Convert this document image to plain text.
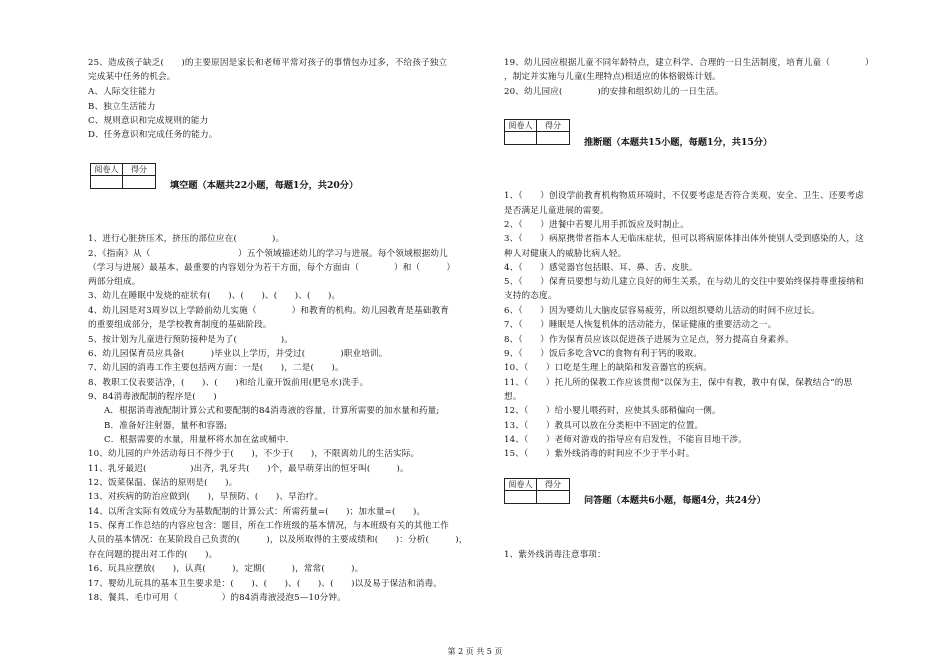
25、造成孩子缺乏(　　)的主要原因是家长和老师平常对孩子的事情包办过多，不给孩子独立
完成某中任务的机会。
A、人际交往能力
B、独立生活能力
C、规则意识和完成规则的能力
D、任务意识和完成任务的能力。
阅卷人	得分

填空题（本题共22小题，每题1分，共20分）
1、进行心脏挤压术，挤压的部位应在(　　　　)。
2、《指南》从（　　　　　　　　　　）五个领域描述幼儿的学习与进展。每个领域根据幼儿
（学习与进展）最基本、最重要的内容划分为若干方面，每个方面由（　　　　）和（　　　）
两部分组成。
3、幼儿在睡眠中发烧的症状有(　　)、(　　)、(　　)、(　　)。
4、幼儿园是对3周岁以上学龄前幼儿实施（　　　　）和教育的机构。幼儿园教育是基础教育
的重要组成部分，是学校教育制度的基础阶段。
5、按计划为儿童进行预防接种是为了(　　　　　)。
6、幼儿园保育员应具备(　　　)毕业以上学历，并受过(　　　　)职业培训。
7、幼儿园的消毒工作主要包括两方面：一是(　　)，二是(　　)。
8、教职工仪表要洁净，(　　)、(　　)和给儿童开饭前用(肥皂水)洗手。
9、84消毒液配制的程序是(　　)
A．根据消毒液配制计算公式和要配制的84消毒液的容量，计算所需要的加水量和药量;
B．准备好注射器，量杯和容器;
C．根据需要的水量，用量杯将水加在盆或桶中.
10、幼儿园的户外活动每日不得少于(　　)，不少于(　　)，不限离幼儿的生活实际。
11、乳牙最迟(　　　　　)出齐，乳牙共(　　)个，最早萌芽出的恒牙叫(　　　)。
12、饭菜保温、保洁的原则是(　　)。
13、对疾病的防治应做到(　　)，早预防、(　　)、早治疗。
14、以所含实际有效成分为基数配制的计算公式：所需药量=(　　)；加水量=(　　)。
15、保育工作总结的内容应包含：题目，所在工作班级的基本情况，与本班级有关的其他工作
人员的基本情况：在某阶段自己负责的(　　　)，以及所取得的主要成绩和(　　)：分析(　　　)，
存在问题的提出对工作的(　　)。
16、玩具应摆放(　　)，认真(　　　)，定期(　　　)，常常(　　　)。
17、婴幼儿玩具的基本卫生要求是：(　　)、(　　)、(　　)、(　　)以及易于保洁和消毒。
18、餐具、毛巾可用（　　　　　）的84消毒液浸泡5—10分钟。
19、幼儿园应根据儿童不同年龄特点，建立科学、合理的一日生活制度，培育儿童（　　　　）
，制定并实施与儿童(生理特点)相适应的体格锻炼计划。
20、幼儿园应(　　　　)的安排和组织幼儿的一日生活。
阅卷人	得分

推断题（本题共15小题，每题1分，共15分）
1、（　　）创设学前教育机构物质环境时，不仅要考虑是否符合美观、安全、卫生、还要考虑
是否满足儿童进展的需要。
2、（　　）进餐中若婴儿用手抓饭应及时制止。
3、（　　）病原携带者指本人无临床症状，但可以将病原体排出体外使别人受到感染的人，这
种人对健康人的威胁比病人轻。
4、（　　）感觉器官包括眼、耳、鼻、舌、皮肤。
5、（　　）保育员要想与幼儿建立良好的师生关系，在与幼儿的交往中要始终保持尊重接纳和
支持的态度。
6、（　　）因为婴幼儿大脑皮层容易疲劳，所以组织婴幼儿活动的时间不应过长。
7、（　　）睡眠是人恢复机体的活动能力，保证健康的重要活动之一。
8、（　　）作为保育员应该以促进孩子进展为立足点，努力提高自身素养。
9、（　　）饭后多吃含VC的食物有利于钙的吸取。
10、（　　）口吃是生理上的缺陷和发音器官的疾病。
11、（　　）托儿所的保教工作应该贯彻“以保为主，保中有教，教中有保，保教结合”的思
想。
12、（　　）给小婴儿喂药时，应使其头部稍偏向一侧。
13、（　　）教具可以放在分类柜中不固定的位置。
14、（　　）老师对游戏的指导应有启发性，不能盲目地干涉。
15、（　　）紫外线消毒的时间应不少于半小时。
阅卷人	得分

问答题（本题共6小题，每题4分，共24分）
1、紫外线消毒注意事项：
第 2 页 共 5 页
